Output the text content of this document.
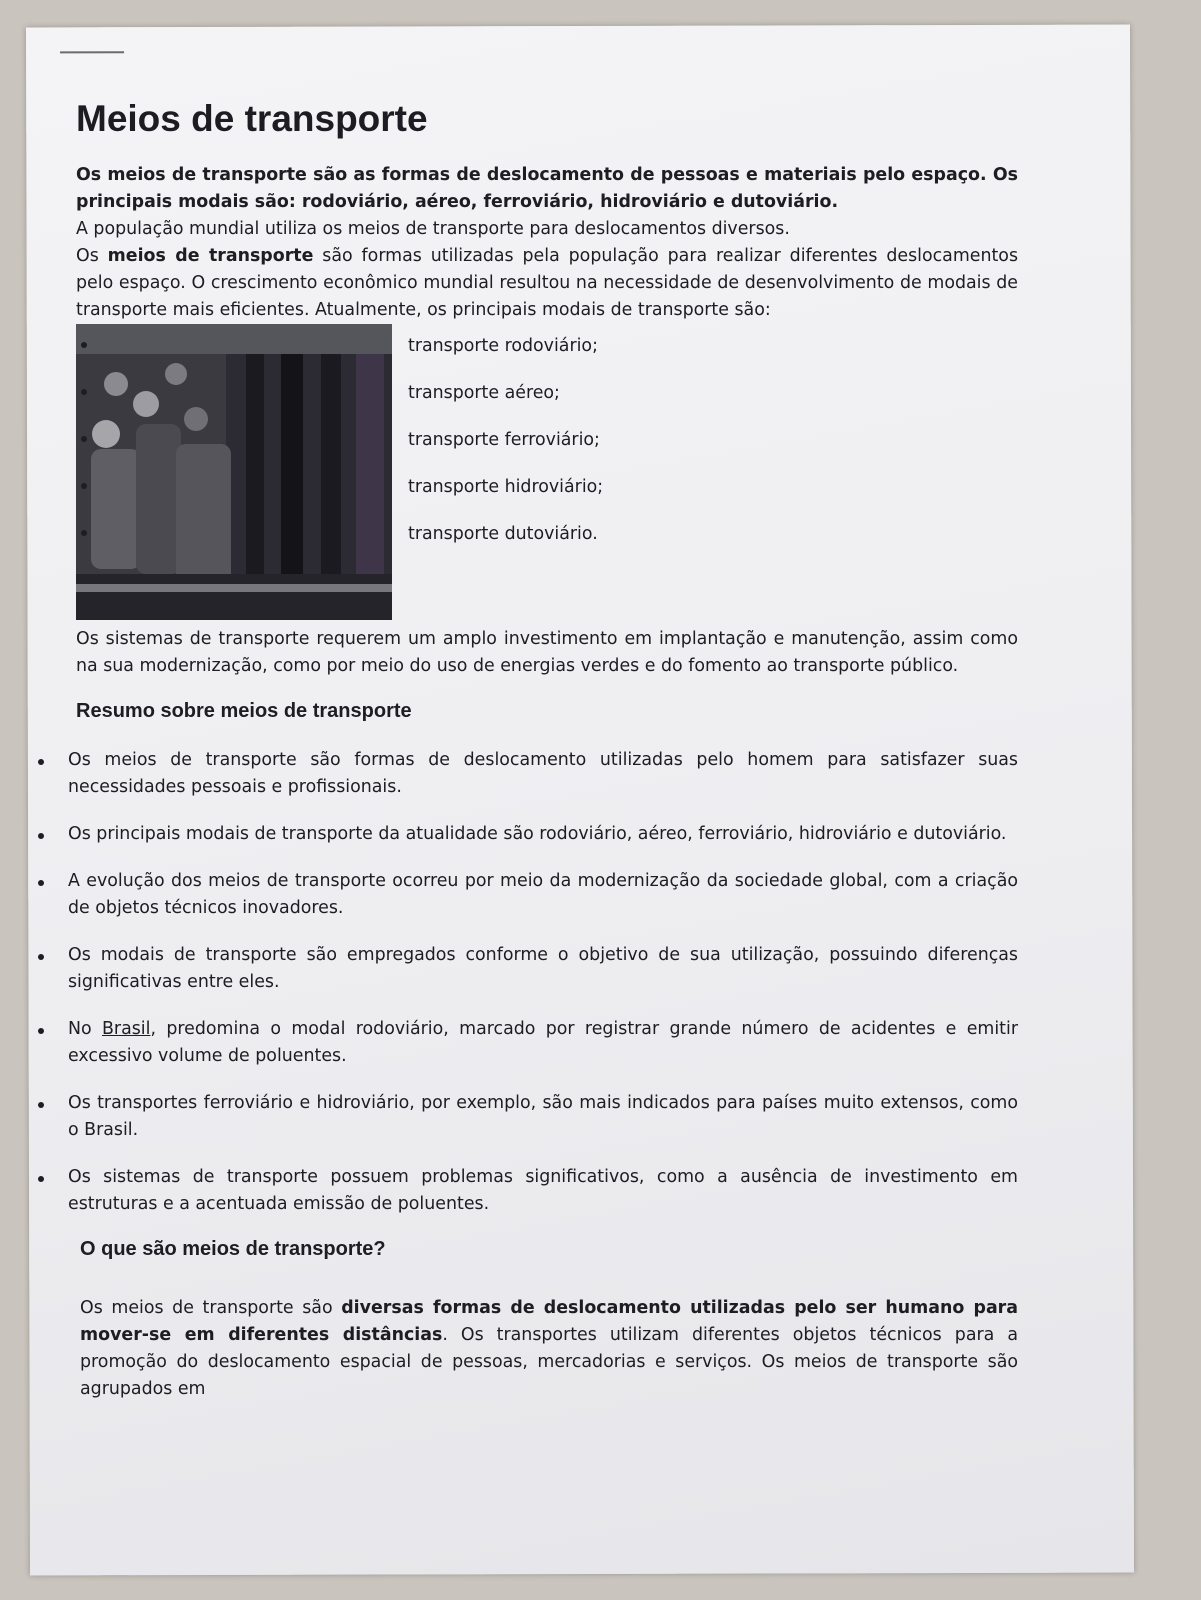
Meios de transporte

Os meios de transporte são as formas de deslocamento de pessoas e materiais pelo espaço. Os principais modais são: rodoviário, aéreo, ferroviário, hidroviário e dutoviário.

A população mundial utiliza os meios de transporte para deslocamentos diversos.

Os meios de transporte são formas utilizadas pela população para realizar diferentes deslocamentos pelo espaço. O crescimento econômico mundial resultou na necessidade de desenvolvimento de modais de transporte mais eficientes. Atualmente, os principais modais de transporte são:

transporte rodoviário;
transporte aéreo;
transporte ferroviário;
transporte hidroviário;
transporte dutoviário.

Os sistemas de transporte requerem um amplo investimento em implantação e manutenção, assim como na sua modernização, como por meio do uso de energias verdes e do fomento ao transporte público.

Resumo sobre meios de transporte
Os meios de transporte são formas de deslocamento utilizadas pelo homem para satisfazer suas necessidades pessoais e profissionais.
Os principais modais de transporte da atualidade são rodoviário, aéreo, ferroviário, hidroviário e dutoviário.
A evolução dos meios de transporte ocorreu por meio da modernização da sociedade global, com a criação de objetos técnicos inovadores.
Os modais de transporte são empregados conforme o objetivo de sua utilização, possuindo diferenças significativas entre eles.
No Brasil, predomina o modal rodoviário, marcado por registrar grande número de acidentes e emitir excessivo volume de poluentes.
Os transportes ferroviário e hidroviário, por exemplo, são mais indicados para países muito extensos, como o Brasil.
Os sistemas de transporte possuem problemas significativos, como a ausência de investimento em estruturas e a acentuada emissão de poluentes.
O que são meios de transporte?

Os meios de transporte são diversas formas de deslocamento utilizadas pelo ser humano para mover-se em diferentes distâncias. Os transportes utilizam diferentes objetos técnicos para a promoção do deslocamento espacial de pessoas, mercadorias e serviços. Os meios de transporte são agrupados em
